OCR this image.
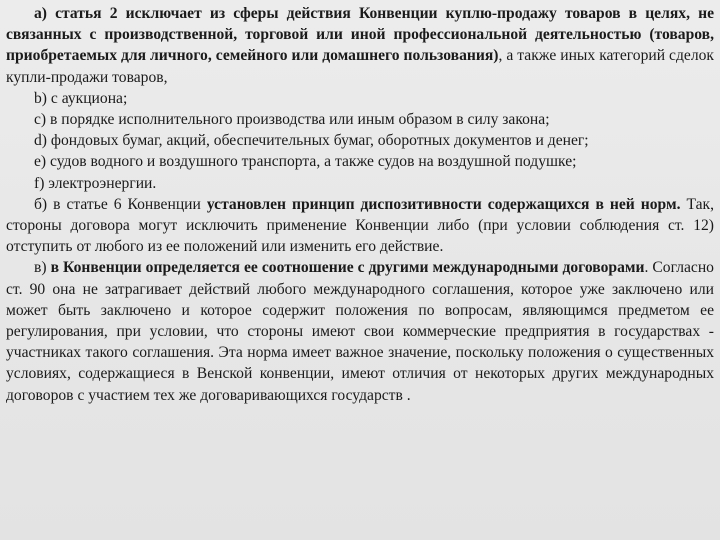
а) статья 2 исключает из сферы действия Конвенции куплю-продажу товаров в целях, не связанных с производственной, торговой или иной профессиональной деятельностью (товаров, приобретаемых для личного, семейного или домашнего пользования), а также иных категорий сделок купли-продажи товаров,

b) с аукциона;

c) в порядке исполнительного производства или иным образом в силу закона;

d) фондовых бумаг, акций, обеспечительных бумаг, оборотных документов и денег;

e) судов водного и воздушного транспорта, а также судов на воздушной подушке;

f) электроэнергии.

б) в статье 6 Конвенции установлен принцип диспозитивности содержащихся в ней норм. Так, стороны договора могут исключить применение Конвенции либо (при условии соблюдения ст. 12) отступить от любого из ее положений или изменить его действие.

в) в Конвенции определяется ее соотношение с другими международными договорами. Согласно ст. 90 она не затрагивает действий любого международного соглашения, которое уже заключено или может быть заключено и которое содержит положения по вопросам, являющимся предметом ее регулирования, при условии, что стороны имеют свои коммерческие предприятия в государствах - участниках такого соглашения. Эта норма имеет важное значение, поскольку положения о существенных условиях, содержащиеся в Венской конвенции, имеют отличия от некоторых других международных договоров с участием тех же договаривающихся государств .
